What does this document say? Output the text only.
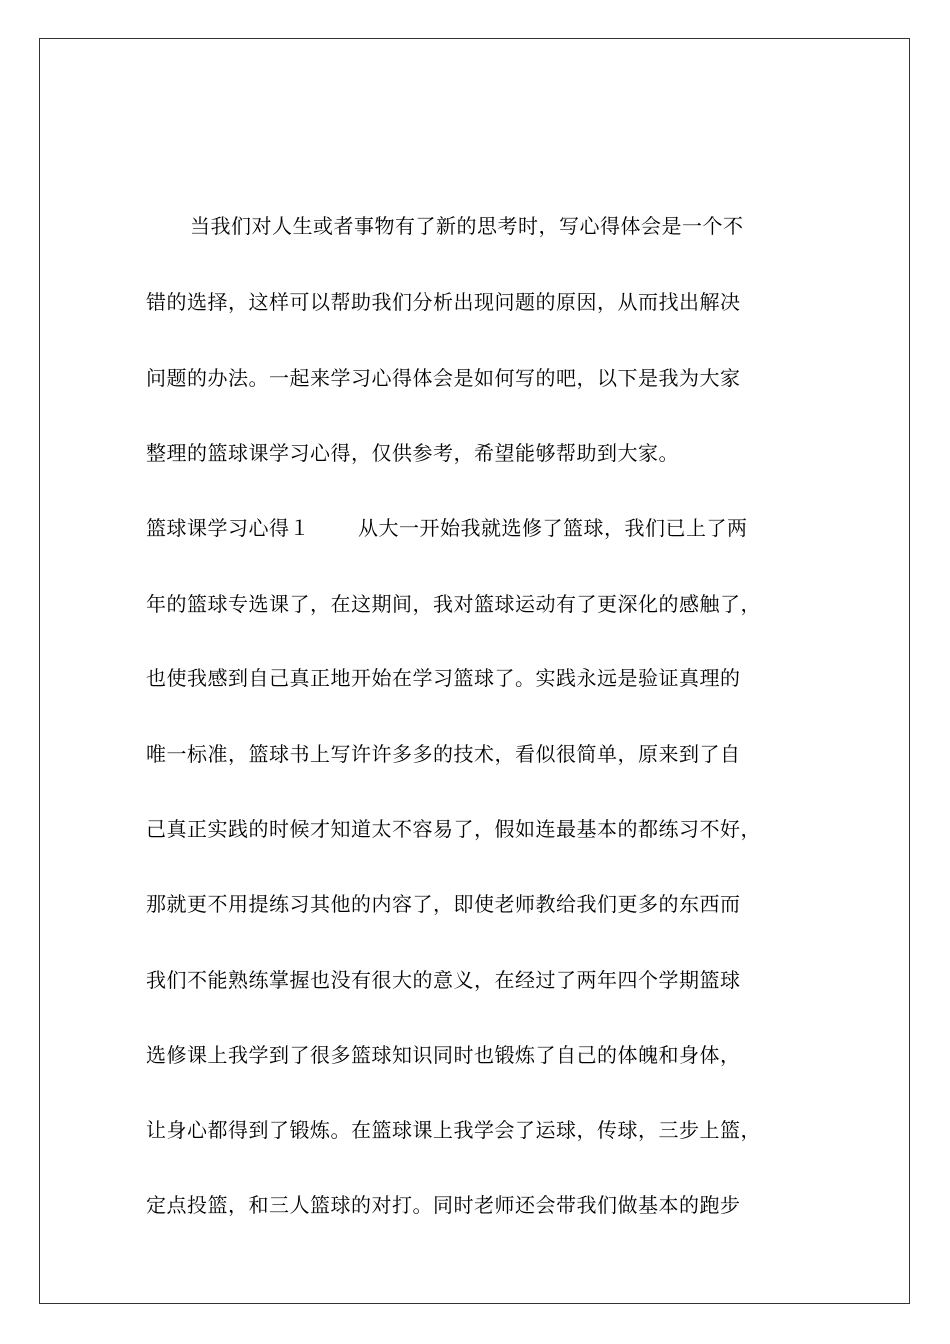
当我们对人生或者事物有了新的思考时，写心得体会是一个不
错的选择，这样可以帮助我们分析出现问题的原因，从而找出解决
问题的办法。一起来学习心得体会是如何写的吧，以下是我为大家
整理的篮球课学习心得，仅供参考，希望能够帮助到大家。
篮球课学习心得１ 从大一开始我就选修了篮球，我们已上了两
年的篮球专选课了，在这期间，我对篮球运动有了更深化的感触了，
也使我感到自己真正地开始在学习篮球了。实践永远是验证真理的
唯一标准，篮球书上写许许多多的技术，看似很简单，原来到了自
己真正实践的时候才知道太不容易了，假如连最基本的都练习不好，
那就更不用提练习其他的内容了，即使老师教给我们更多的东西而
我们不能熟练掌握也没有很大的意义，在经过了两年四个学期篮球
选修课上我学到了很多篮球知识同时也锻炼了自己的体魄和身体，
让身心都得到了锻炼。在篮球课上我学会了运球，传球，三步上篮，
定点投篮，和三人篮球的对打。同时老师还会带我们做基本的跑步
